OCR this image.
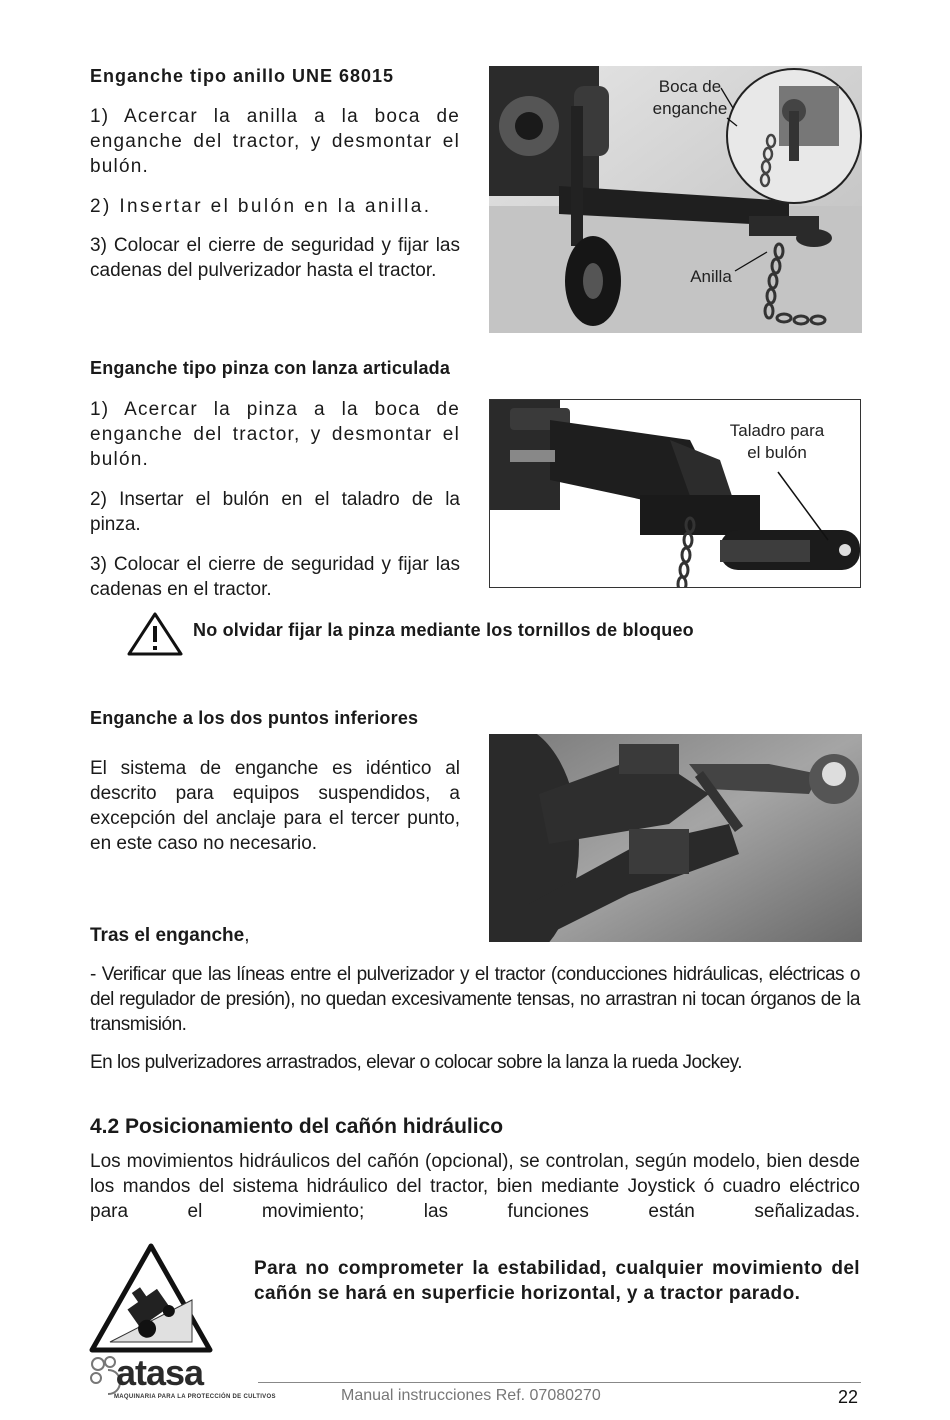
Enganche tipo anillo UNE 68015

1) Acercar la anilla a la boca de enganche del tractor, y desmontar el bulón.

2) Insertar el bulón en la anilla.

3) Colocar el cierre de seguridad y fijar las cadenas del pulverizador hasta el tractor.

Boca de
enganche
Anilla
Enganche tipo pinza con lanza articulada

1) Acercar la pinza a la boca de enganche del tractor, y desmontar el bulón.

2) Insertar el bulón en el taladro de la pinza.

3) Colocar el cierre de seguridad y fijar las cadenas en el tractor.

Taladro para
el bulón
No olvidar fijar la pinza mediante los tornillos de bloqueo
Enganche a los dos puntos inferiores

El sistema de enganche es idéntico al descrito para equipos suspendidos, a excepción del anclaje para el tercer punto, en este caso no necesario.

Tras el enganche,

- Verificar que las líneas entre el pulverizador y el tractor (conducciones hidráulicas, eléctricas o del regulador de presión), no quedan excesivamente tensas, no arrastran ni tocan órganos de la transmisión.

En los pulverizadores arrastrados, elevar o colocar sobre la lanza la rueda Jockey.

4.2 Posicionamiento del cañón hidráulico

Los movimientos hidráulicos del cañón (opcional), se controlan, según modelo, bien desde los mandos del sistema hidráulico del tractor, bien mediante Joystick ó cuadro eléctrico para el movimiento; las funciones están señalizadas.

Para no comprometer la estabilidad, cualquier movimiento del cañón se hará en superficie horizontal, y a tractor parado.

atasa
MAQUINARIA PARA LA PROTECCIÓN DE CULTIVOS	Manual instrucciones Ref. 07080270	22
